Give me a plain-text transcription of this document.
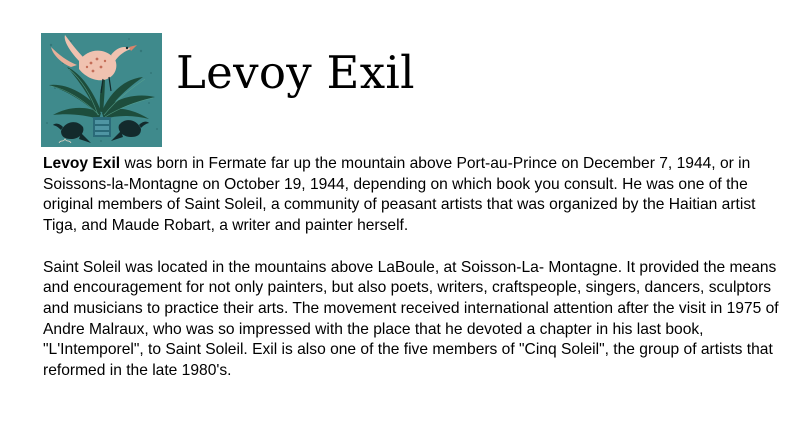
Levoy Exil

Levoy Exil was born in Fermate far up the mountain above Port-au-Prince on December 7, 1944, or in Soissons-la-Montagne on October 19, 1944, depending on which book you consult. He was one of the original members of Saint Soleil, a community of peasant artists that was organized by the Haitian artist Tiga, and Maude Robart, a writer and painter herself.

Saint Soleil was located in the mountains above LaBoule, at Soisson-La- Montagne. It provided the means and encouragement for not only painters, but also poets, writers, craftspeople, singers, dancers, sculptors and musicians to practice their arts. The movement received international attention after the visit in 1975 of Andre Malraux, who was so impressed with the place that he devoted a chapter in his last book, "L'Intemporel", to Saint Soleil. Exil is also one of the five members of "Cinq Soleil", the group of artists that reformed in the late 1980's.
